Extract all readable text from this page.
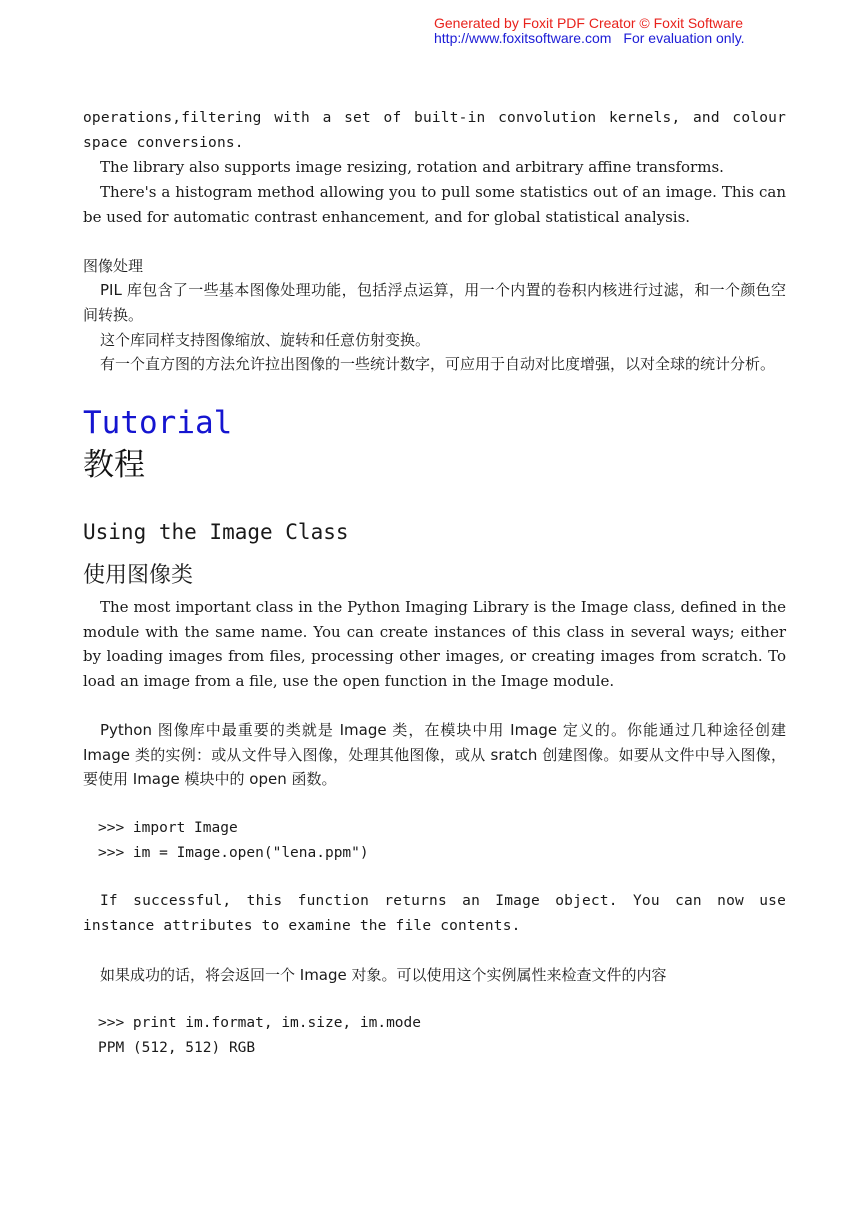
Generated by Foxit PDF Creator © Foxit Software
http://www.foxitsoftware.com For evaluation only.

operations,filtering with a set of built-in convolution kernels, and colour space conversions.

The library also supports image resizing, rotation and arbitrary affine transforms.

There's a histogram method allowing you to pull some statistics out of an image. This can be used for automatic contrast enhancement, and for global statistical analysis.

图像处理

PIL 库包含了一些基本图像处理功能，包括浮点运算，用一个内置的卷积内核进行过滤，和一个颜色空间转换。

这个库同样支持图像缩放、旋转和任意仿射变换。

有一个直方图的方法允许拉出图像的一些统计数字，可应用于自动对比度增强，以对全球的统计分析。

Tutorial
教程
Using the Image Class
使用图像类

The most important class in the Python Imaging Library is the Image class, defined in the module with the same name. You can create instances of this class in several ways; either by loading images from files, processing other images, or creating images from scratch. To load an image from a file, use the open function in the Image module.

Python 图像库中最重要的类就是 Image 类，在模块中用 Image 定义的。你能通过几种途径创建 Image 类的实例：或从文件导入图像，处理其他图像，或从 sratch 创建图像。如要从文件中导入图像，要使用 Image 模块中的 open 函数。

>>> import Image
>>> im = Image.open("lena.ppm")

If successful, this function returns an Image object. You can now use instance attributes to examine the file contents.

如果成功的话，将会返回一个 Image 对象。可以使用这个实例属性来检查文件的内容

>>> print im.format, im.size, im.mode
PPM (512, 512) RGB
